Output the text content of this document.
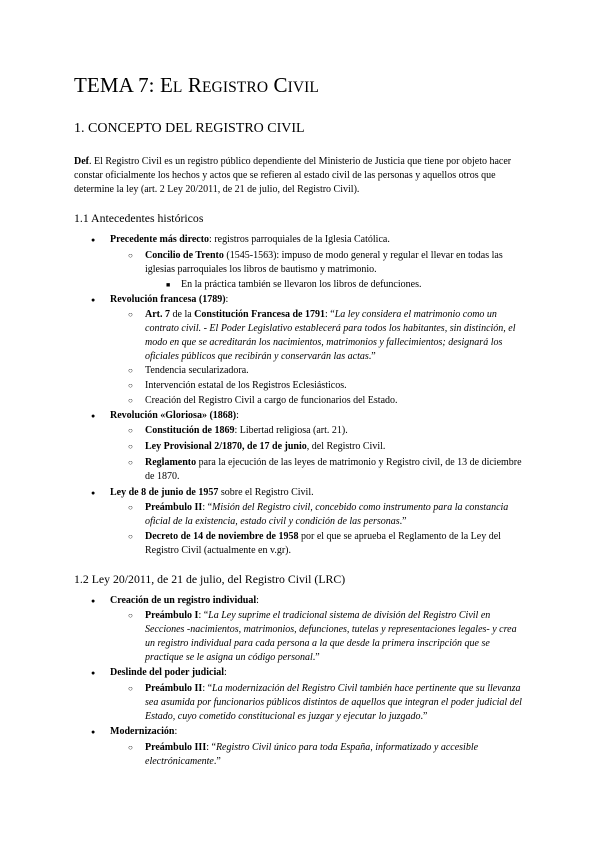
TEMA 7: EL REGISTRO CIVIL
1. CONCEPTO DEL REGISTRO CIVIL
Def. El Registro Civil es un registro público dependiente del Ministerio de Justicia que tiene por objeto hacer
constar oficialmente los hechos y actos que se refieren al estado civil de las personas y aquellos otros que
determine la ley (art. 2 Ley 20/2011, de 21 de julio, del Registro Civil).
1.1 Antecedentes históricos
● Precedente más directo: registros parroquiales de la Iglesia Católica.
○ Concilio de Trento (1545-1563): impuso de modo general y regular el llevar en todas las
iglesias parroquiales los libros de bautismo y matrimonio.
■ En la práctica también se llevaron los libros de defunciones.
● Revolución francesa (1789):
○ Art. 7 de la Constitución Francesa de 1791: “La ley considera el matrimonio como un
contrato civil. - El Poder Legislativo establecerá para todos los habitantes, sin distinción, el
modo en que se acreditarán los nacimientos, matrimonios y fallecimientos; designará los
oficiales públicos que recibirán y conservarán las actas.”
○ Tendencia secularizadora.
○ Intervención estatal de los Registros Eclesiásticos.
○ Creación del Registro Civil a cargo de funcionarios del Estado.
● Revolución «Gloriosa» (1868):
○ Constitución de 1869: Libertad religiosa (art. 21).
○ Ley Provisional 2/1870, de 17 de junio, del Registro Civil.
○ Reglamento para la ejecución de las leyes de matrimonio y Registro civil, de 13 de diciembre
de 1870.
● Ley de 8 de junio de 1957 sobre el Registro Civil.
○ Preámbulo II: “Misión del Registro civil, concebido como instrumento para la constancia
oficial de la existencia, estado civil y condición de las personas.”
○ Decreto de 14 de noviembre de 1958 por el que se aprueba el Reglamento de la Ley del
Registro Civil (actualmente en v.gr).
1.2 Ley 20/2011, de 21 de julio, del Registro Civil (LRC)
● Creación de un registro individual:
○ Preámbulo I: “La Ley suprime el tradicional sistema de división del Registro Civil en
Secciones -nacimientos, matrimonios, defunciones, tutelas y representaciones legales- y crea
un registro individual para cada persona a la que desde la primera inscripción que se
practique se le asigna un código personal.”
● Deslinde del poder judicial:
○ Preámbulo II: “La modernización del Registro Civil también hace pertinente que su llevanza
sea asumida por funcionarios públicos distintos de aquellos que integran el poder judicial del
Estado, cuyo cometido constitucional es juzgar y ejecutar lo juzgado.”
● Modernización:
○ Preámbulo III: “Registro Civil único para toda España, informatizado y accesible
electrónicamente.”
